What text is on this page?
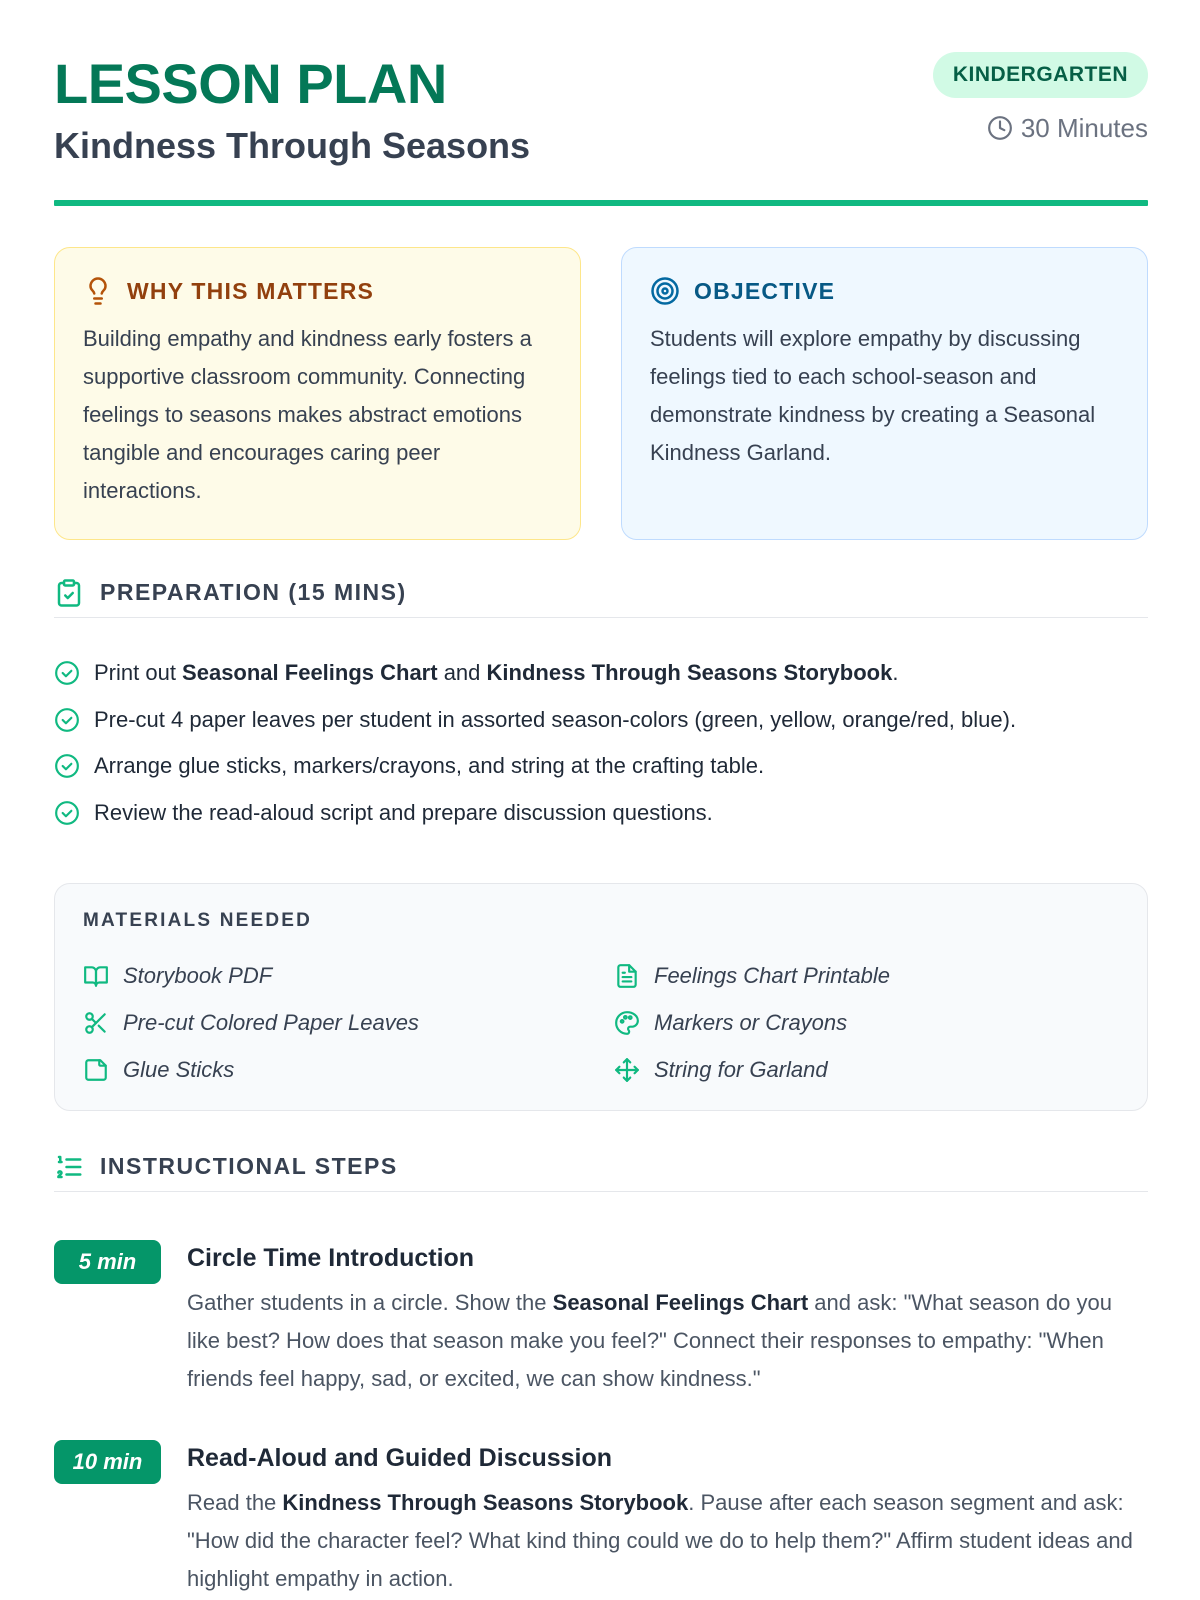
LESSON PLAN
Kindness Through Seasons
KINDERGARTEN
30 Minutes
WHY THIS MATTERS

Building empathy and kindness early fosters a supportive classroom community. Connecting feelings to seasons makes abstract emotions tangible and encourages caring peer interactions.

OBJECTIVE

Students will explore empathy by discussing feelings tied to each school-season and demonstrate kindness by creating a Seasonal Kindness Garland.

PREPARATION (15 MINS)
Print out Seasonal Feelings Chart and Kindness Through Seasons Storybook.
Pre-cut 4 paper leaves per student in assorted season-colors (green, yellow, orange/red, blue).
Arrange glue sticks, markers/crayons, and string at the crafting table.
Review the read-aloud script and prepare discussion questions.
MATERIALS NEEDED
Storybook PDF	Feelings Chart Printable
Pre-cut Colored Paper Leaves	Markers or Crayons
Glue Sticks	String for Garland
INSTRUCTIONAL STEPS
5 min	Circle Time Introduction

Gather students in a circle. Show the Seasonal Feelings Chart and ask: "What season do you like best? How does that season make you feel?" Connect their responses to empathy: "When friends feel happy, sad, or excited, we can show kindness."

10 min	Read-Aloud and Guided Discussion

Read the Kindness Through Seasons Storybook. Pause after each season segment and ask: "How did the character feel? What kind thing could we do to help them?" Affirm student ideas and highlight empathy in action.
